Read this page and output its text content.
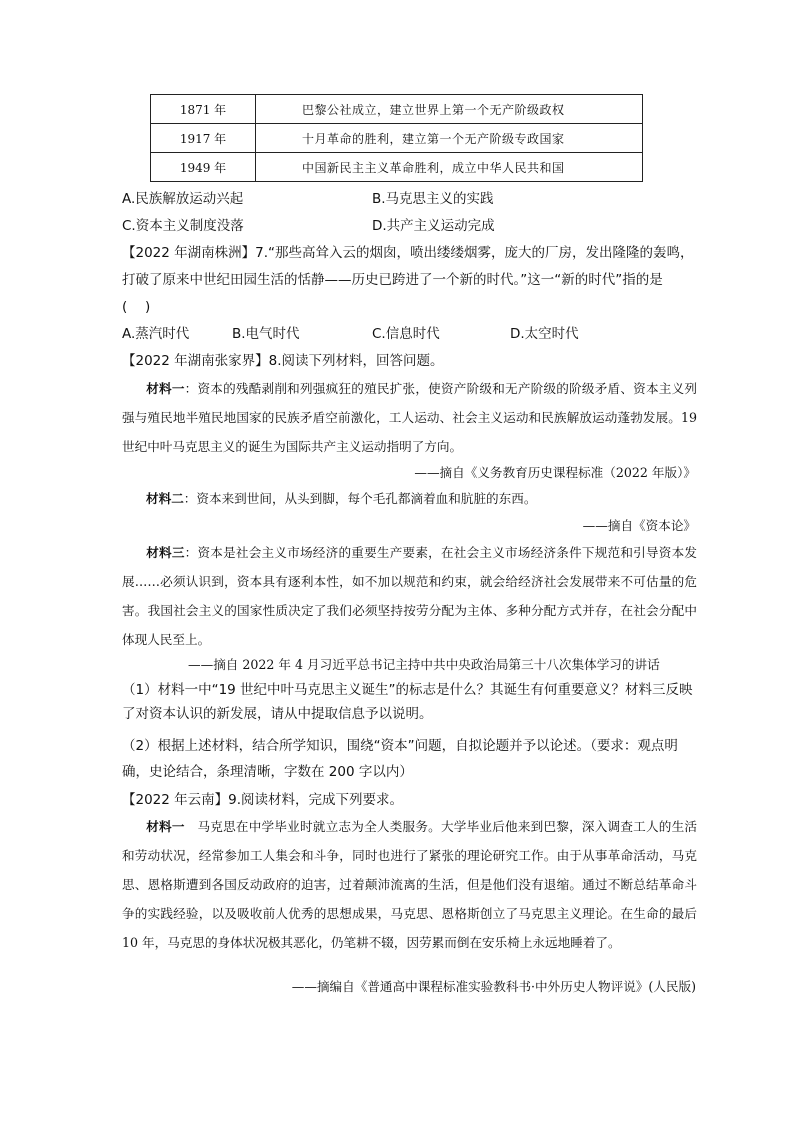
1871 年	巴黎公社成立，建立世界上第一个无产阶级政权
1917 年	十月革命的胜利，建立第一个无产阶级专政国家
1949 年	中国新民主主义革命胜利，成立中华人民共和国
A.民族解放运动兴起	B.马克思主义的实践
C.资本主义制度没落	D.共产主义运动完成
【2022 年湖南株洲】7.“那些高耸入云的烟囱，喷出缕缕烟雾，庞大的厂房，发出隆隆的轰鸣，
打破了原来中世纪田园生活的恬静——历史已跨进了一个新的时代。”这一“新的时代”指的是
(　 )
A.蒸汽时代	B.电气时代	C.信息时代	D.太空时代
【2022 年湖南张家界】8.阅读下列材料，回答问题。
材料一：资本的残酷剥削和列强疯狂的殖民扩张，使资产阶级和无产阶级的阶级矛盾、资本主义列强与殖民地半殖民地国家的民族矛盾空前激化，工人运动、社会主义运动和民族解放运动蓬勃发展。19 世纪中叶马克思主义的诞生为国际共产主义运动指明了方向。
——摘自《义务教育历史课程标准（2022 年版）》
材料二：资本来到世间，从头到脚，每个毛孔都滴着血和肮脏的东西。
——摘自《资本论》
材料三：资本是社会主义市场经济的重要生产要素，在社会主义市场经济条件下规范和引导资本发展……必须认识到，资本具有逐利本性，如不加以规范和约束，就会给经济社会发展带来不可估量的危害。我国社会主义的国家性质决定了我们必须坚持按劳分配为主体、多种分配方式并存，在社会分配中体现人民至上。
——摘自 2022 年 4 月习近平总书记主持中共中央政治局第三十八次集体学习的讲话
（1）材料一中“19 世纪中叶马克思主义诞生”的标志是什么？其诞生有何重要意义？材料三反映
了对资本认识的新发展，请从中提取信息予以说明。
（2）根据上述材料，结合所学知识，围绕“资本”问题，自拟论题并予以论述。（要求：观点明
确，史论结合，条理清晰，字数在 200 字以内）
【2022 年云南】9.阅读材料，完成下列要求。
材料一　马克思在中学毕业时就立志为全人类服务。大学毕业后他来到巴黎，深入调查工人的生活和劳动状况，经常参加工人集会和斗争，同时也进行了紧张的理论研究工作。由于从事革命活动，马克思、恩格斯遭到各国反动政府的迫害，过着颠沛流离的生活，但是他们没有退缩。通过不断总结革命斗争的实践经验，以及吸收前人优秀的思想成果，马克思、恩格斯创立了马克思主义理论。在生命的最后 10 年，马克思的身体状况极其恶化，仍笔耕不辍，因劳累而倒在安乐椅上永远地睡着了。
——摘编自《普通高中课程标准实验教科书·中外历史人物评说》(人民版)
